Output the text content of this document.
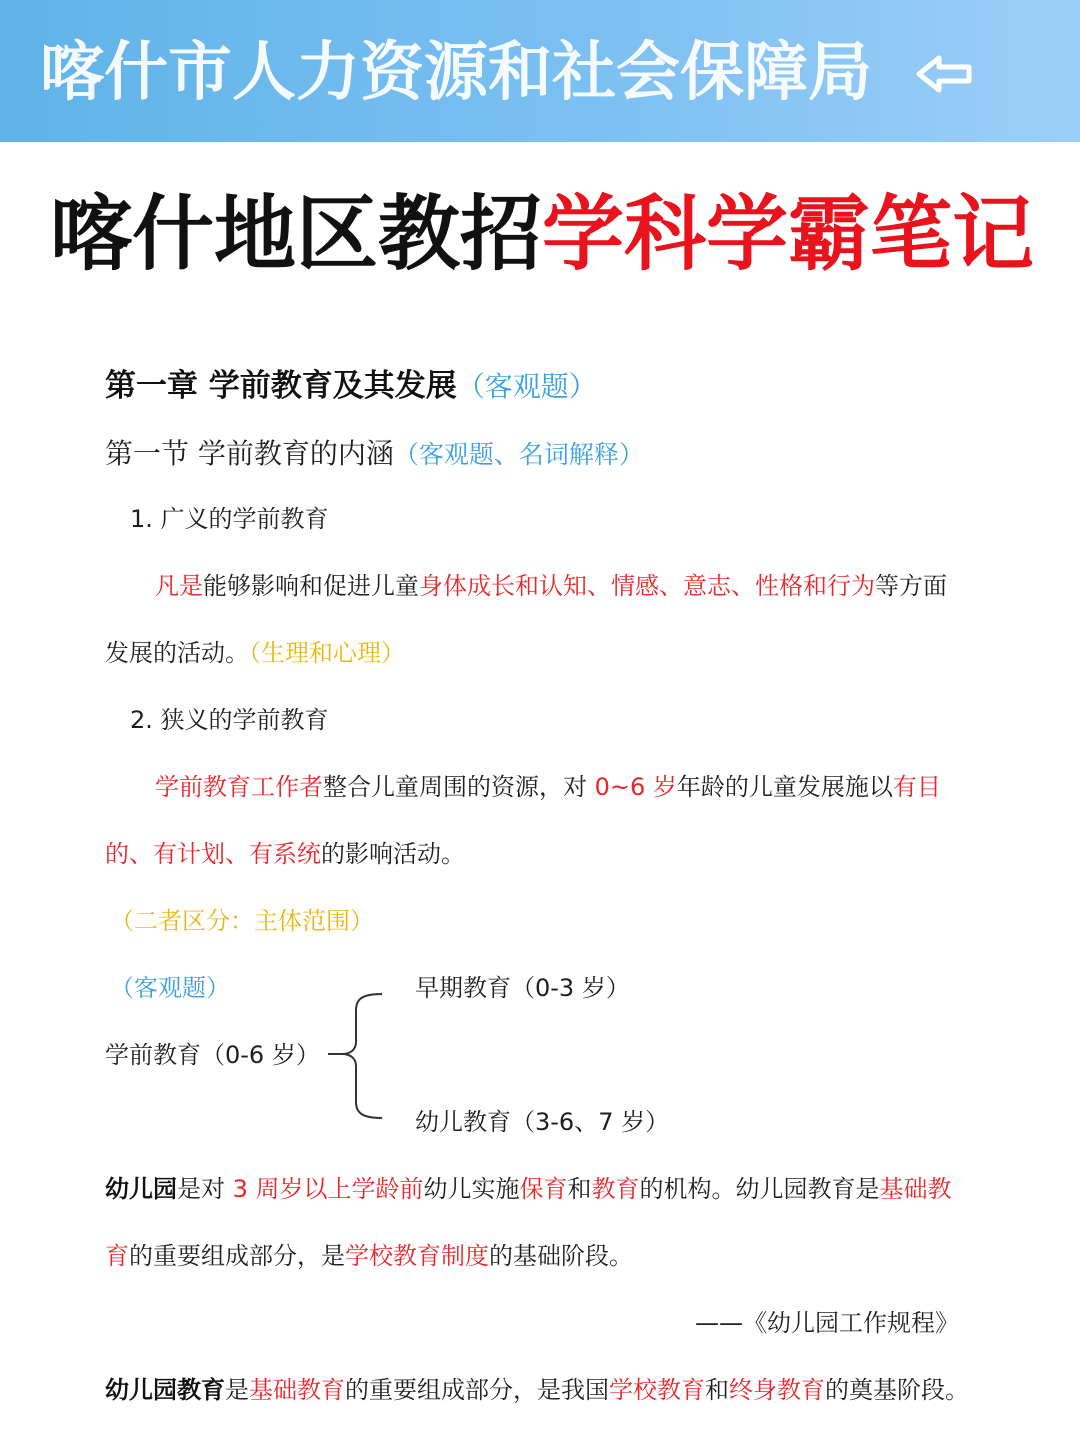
喀什市人力资源和社会保障局
喀什地区教招学科学霸笔记
第一章 学前教育及其发展（客观题）
第一节 学前教育的内涵（客观题、名词解释）
1. 广义的学前教育
凡是能够影响和促进儿童身体成长和认知、情感、意志、性格和行为等方面
发展的活动。（生理和心理）
2. 狭义的学前教育
学前教育工作者整合儿童周围的资源，对 0~6 岁年龄的儿童发展施以有目
的、有计划、有系统的影响活动。
（二者区分：主体范围）
（客观题）
学前教育（0-6 岁）
早期教育（0-3 岁）
幼儿教育（3-6、7 岁）
幼儿园是对 3 周岁以上学龄前幼儿实施保育和教育的机构。幼儿园教育是基础教
育的重要组成部分，是学校教育制度的基础阶段。
——《幼儿园工作规程》
幼儿园教育是基础教育的重要组成部分，是我国学校教育和终身教育的奠基阶段。
